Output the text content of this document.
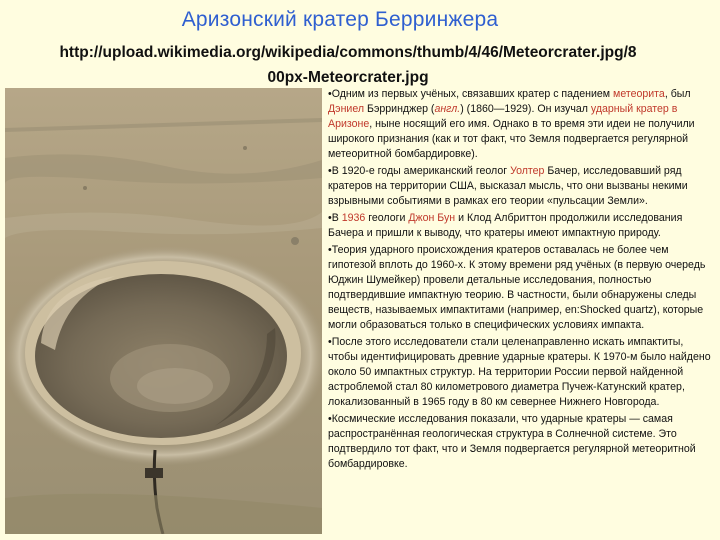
Аризонский кратер Берринжера
http://upload.wikimedia.org/wikipedia/commons/thumb/4/46/Meteorcrater.jpg/8
00px-Meteorcrater.jpg
•Одним из первых учёных, связавших кратер с падением метеорита, был Дэниел Бэрринджер (англ.) (1860—1929). Он изучал ударный кратер в Аризоне, ныне носящий его имя. Однако в то время эти идеи не получили широкого признания (как и тот факт, что Земля подвергается регулярной метеоритной бомбардировке).
•В 1920-е годы американский геолог Уолтер Бачер, исследовавший ряд кратеров на территории США, высказал мысль, что они вызваны некими взрывными событиями в рамках его теории «пульсации Земли».
•В 1936 геологи Джон Бун и Клод Албриттон продолжили исследования Бачера и пришли к выводу, что кратеры имеют импактную природу.
•Теория ударного происхождения кратеров оставалась не более чем гипотезой вплоть до 1960-х. К этому времени ряд учёных (в первую очередь Юджин Шумейкер) провели детальные исследования, полностью подтвердившие импактную теорию. В частности, были обнаружены следы веществ, называемых импактитами (например, en:Shocked quartz), которые могли образоваться только в специфических условиях импакта.
•После этого исследователи стали целенаправленно искать импактиты, чтобы идентифицировать древние ударные кратеры. К 1970-м было найдено около 50 импактных структур. На территории России первой найденной астроблемой стал 80 километрового диаметра Пучеж-Катунский кратер, локализованный в 1965 году в 80 км севернее Нижнего Новгорода.
•Космические исследования показали, что ударные кратеры — самая распространённая геологическая структура в Солнечной системе. Это подтвердило тот факт, что и Земля подвергается регулярной метеоритной бомбардировке.
